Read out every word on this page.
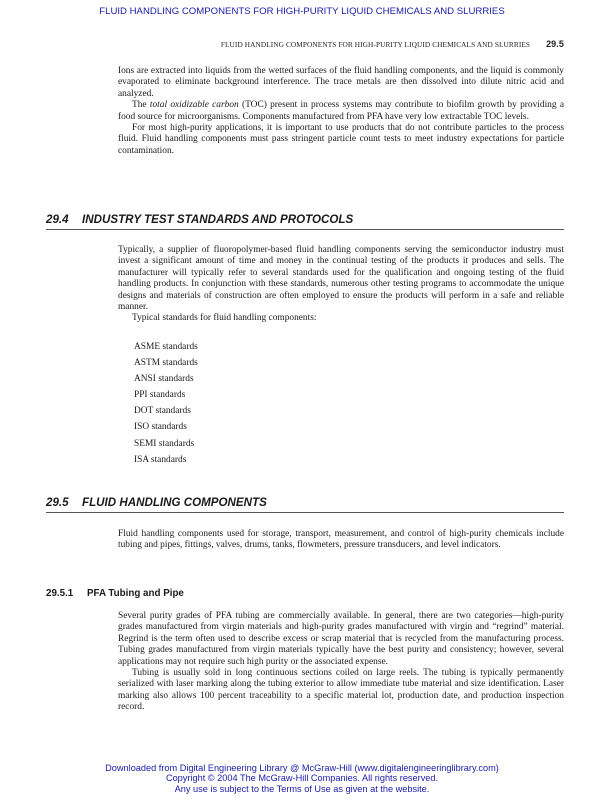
FLUID HANDLING COMPONENTS FOR HIGH-PURITY LIQUID CHEMICALS AND SLURRIES
FLUID HANDLING COMPONENTS FOR HIGH-PURITY LIQUID CHEMICALS AND SLURRIES 29.5

Ions are extracted into liquids from the wetted surfaces of the fluid handling components, and the liquid is commonly evaporated to eliminate background interference. The trace metals are then dissolved into dilute nitric acid and analyzed.

The total oxidizable carbon (TOC) present in process systems may contribute to biofilm growth by providing a food source for microorganisms. Components manufactured from PFA have very low extractable TOC levels.

For most high-purity applications, it is important to use products that do not contribute particles to the process fluid. Fluid handling components must pass stringent particle count tests to meet industry expectations for particle contamination.

29.4 INDUSTRY TEST STANDARDS AND PROTOCOLS

Typically, a supplier of fluoropolymer-based fluid handling components serving the semiconductor industry must invest a significant amount of time and money in the continual testing of the products it produces and sells. The manufacturer will typically refer to several standards used for the qualification and ongoing testing of the fluid handling products. In conjunction with these standards, numerous other testing programs to accommodate the unique designs and materials of construction are often employed to ensure the products will perform in a safe and reliable manner.

Typical standards for fluid handling components:

ASME standards
ASTM standards
ANSI standards
PPI standards
DOT standards
ISO standards
SEMI standards
ISA standards
29.5 FLUID HANDLING COMPONENTS

Fluid handling components used for storage, transport, measurement, and control of high-purity chemicals include tubing and pipes, fittings, valves, drums, tanks, flowmeters, pressure transducers, and level indicators.

29.5.1 PFA Tubing and Pipe

Several purity grades of PFA tubing are commercially available. In general, there are two categories—high-purity grades manufactured from virgin materials and high-purity grades manufactured with virgin and “regrind” material. Regrind is the term often used to describe excess or scrap material that is recycled from the manufacturing process. Tubing grades manufactured from virgin materials typically have the best purity and consistency; however, several applications may not require such high purity or the associated expense.

Tubing is usually sold in long continuous sections coiled on large reels. The tubing is typically permanently serialized with laser marking along the tubing exterior to allow immediate tube material and size identification. Laser marking also allows 100 percent traceability to a specific material lot, production date, and production inspection record.

Downloaded from Digital Engineering Library @ McGraw-Hill (www.digitalengineeringlibrary.com)
Copyright © 2004 The McGraw-Hill Companies. All rights reserved.
Any use is subject to the Terms of Use as given at the website.
